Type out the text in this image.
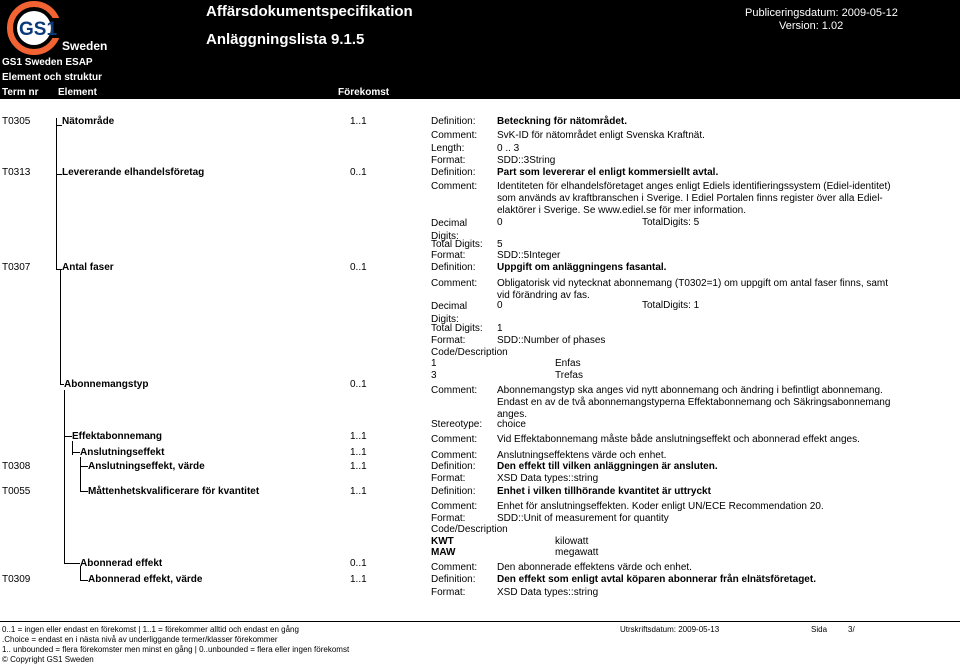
GS1
Sweden
Affärsdokumentspecifikation
Anläggningslista 9.1.5
Publiceringsdatum: 2009-05-12
Version: 1.02
GS1 Sweden ESAP
Element och struktur
Term nr Element	Förekomst
T0305	Nätområde	1..1	Definition: Beteckning för nätområdet.
Comment: SvK-ID för nätområdet enligt Svenska Kraftnät.
Length:	0 .. 3
Format:	SDD::3String
T0313	Levererande elhandelsföretag	0..1	Definition: Part som levererar el enligt kommersiellt avtal.
Comment: Identiteten för elhandelsföretaget anges enligt Ediels identifieringssystem (Ediel-identitet) som används av kraftbranschen i Sverige. I Ediel Portalen finns register över alla Ediel-elaktörer i Sverige. Se www.ediel.se för mer information.
Decimal Digits:
0	TotalDigits: 5
Total Digits: 5
Format:	SDD::5Integer
T0307	Antal faser	0..1	Definition: Uppgift om anläggningens fasantal.
Comment: Obligatorisk vid nytecknat abonnemang (T0302=1) om uppgift om antal faser finns, samt vid förändring av fas.
Decimal Digits:
0	TotalDigits: 1
Total Digits: 1
Format:	SDD::Number of phases
Code/Description
1	Enfas
3	Trefas
Abonnemangstyp	0..1
Comment: Abonnemangstyp ska anges vid nytt abonnemang och ändring i befintligt abonnemang. Endast en av de två abonnemangstyperna Effektabonnemang och Säkringsabonnemang anges.
Stereotype: choice
Effektabonnemang	1..1	Comment: Vid Effektabonnemang måste både anslutningseffekt och abonnerad effekt anges.
Anslutningseffekt	1..1	Comment: Anslutningseffektens värde och enhet.
T0308	Anslutningseffekt, värde	1..1	Definition: Den effekt till vilken anläggningen är ansluten.
Format:	XSD Data types::string
T0055	Måttenhetskvalificerare för kvantitet	1..1	Definition: Enhet i vilken tillhörande kvantitet är uttryckt
Comment: Enhet för anslutningseffekten. Koder enligt UN/ECE Recommendation 20.
Format:	SDD::Unit of measurement for quantity
Code/Description
KWT	kilowatt
MAW	megawatt
Abonnerad effekt	0..1	Comment: Den abonnerade effektens värde och enhet.
T0309	Abonnerad effekt, värde	1..1	Definition: Den effekt som enligt avtal köparen abonnerar från elnätsföretaget.
Format:	XSD Data types::string
0..1 = ingen eller endast en förekomst | 1..1 = förekommer alltid och endast en gång
.Choice = endast en i nästa nivå av underliggande termer/klasser förekommer
1.. unbounded = flera förekomster men minst en gång | 0..unbounded = flera eller ingen förekomst
© Copyright GS1 Sweden
Utrskriftsdatum: 2009-05-13	Sida	3/
